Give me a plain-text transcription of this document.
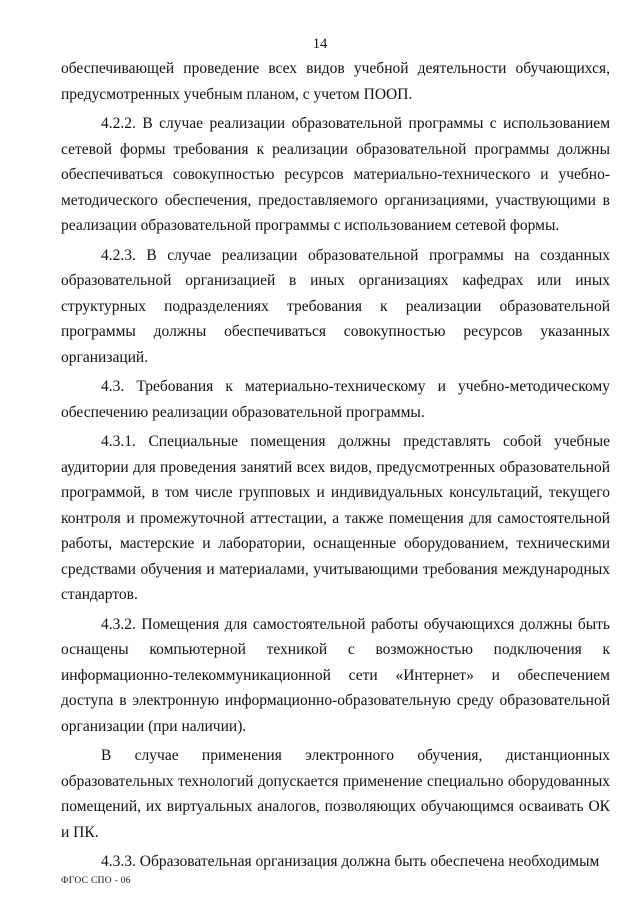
14

обеспечивающей проведение всех видов учебной деятельности обучающихся, предусмотренных учебным планом, с учетом ПООП.

4.2.2. В случае реализации образовательной программы с использованием сетевой формы требования к реализации образовательной программы должны обеспечиваться совокупностью ресурсов материально-технического и учебно-методического обеспечения, предоставляемого организациями, участвующими в реализации образовательной программы с использованием сетевой формы.

4.2.3. В случае реализации образовательной программы на созданных образовательной организацией в иных организациях кафедрах или иных структурных подразделениях требования к реализации образовательной программы должны обеспечиваться совокупностью ресурсов указанных организаций.

4.3. Требования к материально-техническому и учебно-методическому обеспечению реализации образовательной программы.

4.3.1. Специальные помещения должны представлять собой учебные аудитории для проведения занятий всех видов, предусмотренных образовательной программой, в том числе групповых и индивидуальных консультаций, текущего контроля и промежуточной аттестации, а также помещения для самостоятельной работы, мастерские и лаборатории, оснащенные оборудованием, техническими средствами обучения и материалами, учитывающими требования международных стандартов.

4.3.2. Помещения для самостоятельной работы обучающихся должны быть оснащены компьютерной техникой с возможностью подключения к информационно-телекоммуникационной сети «Интернет» и обеспечением доступа в электронную информационно-образовательную среду образовательной организации (при наличии).

В случае применения электронного обучения, дистанционных образовательных технологий допускается применение специально оборудованных помещений, их виртуальных аналогов, позволяющих обучающимся осваивать ОК и ПК.

4.3.3. Образовательная организация должна быть обеспечена необходимым

ФГОС СПО - 06
